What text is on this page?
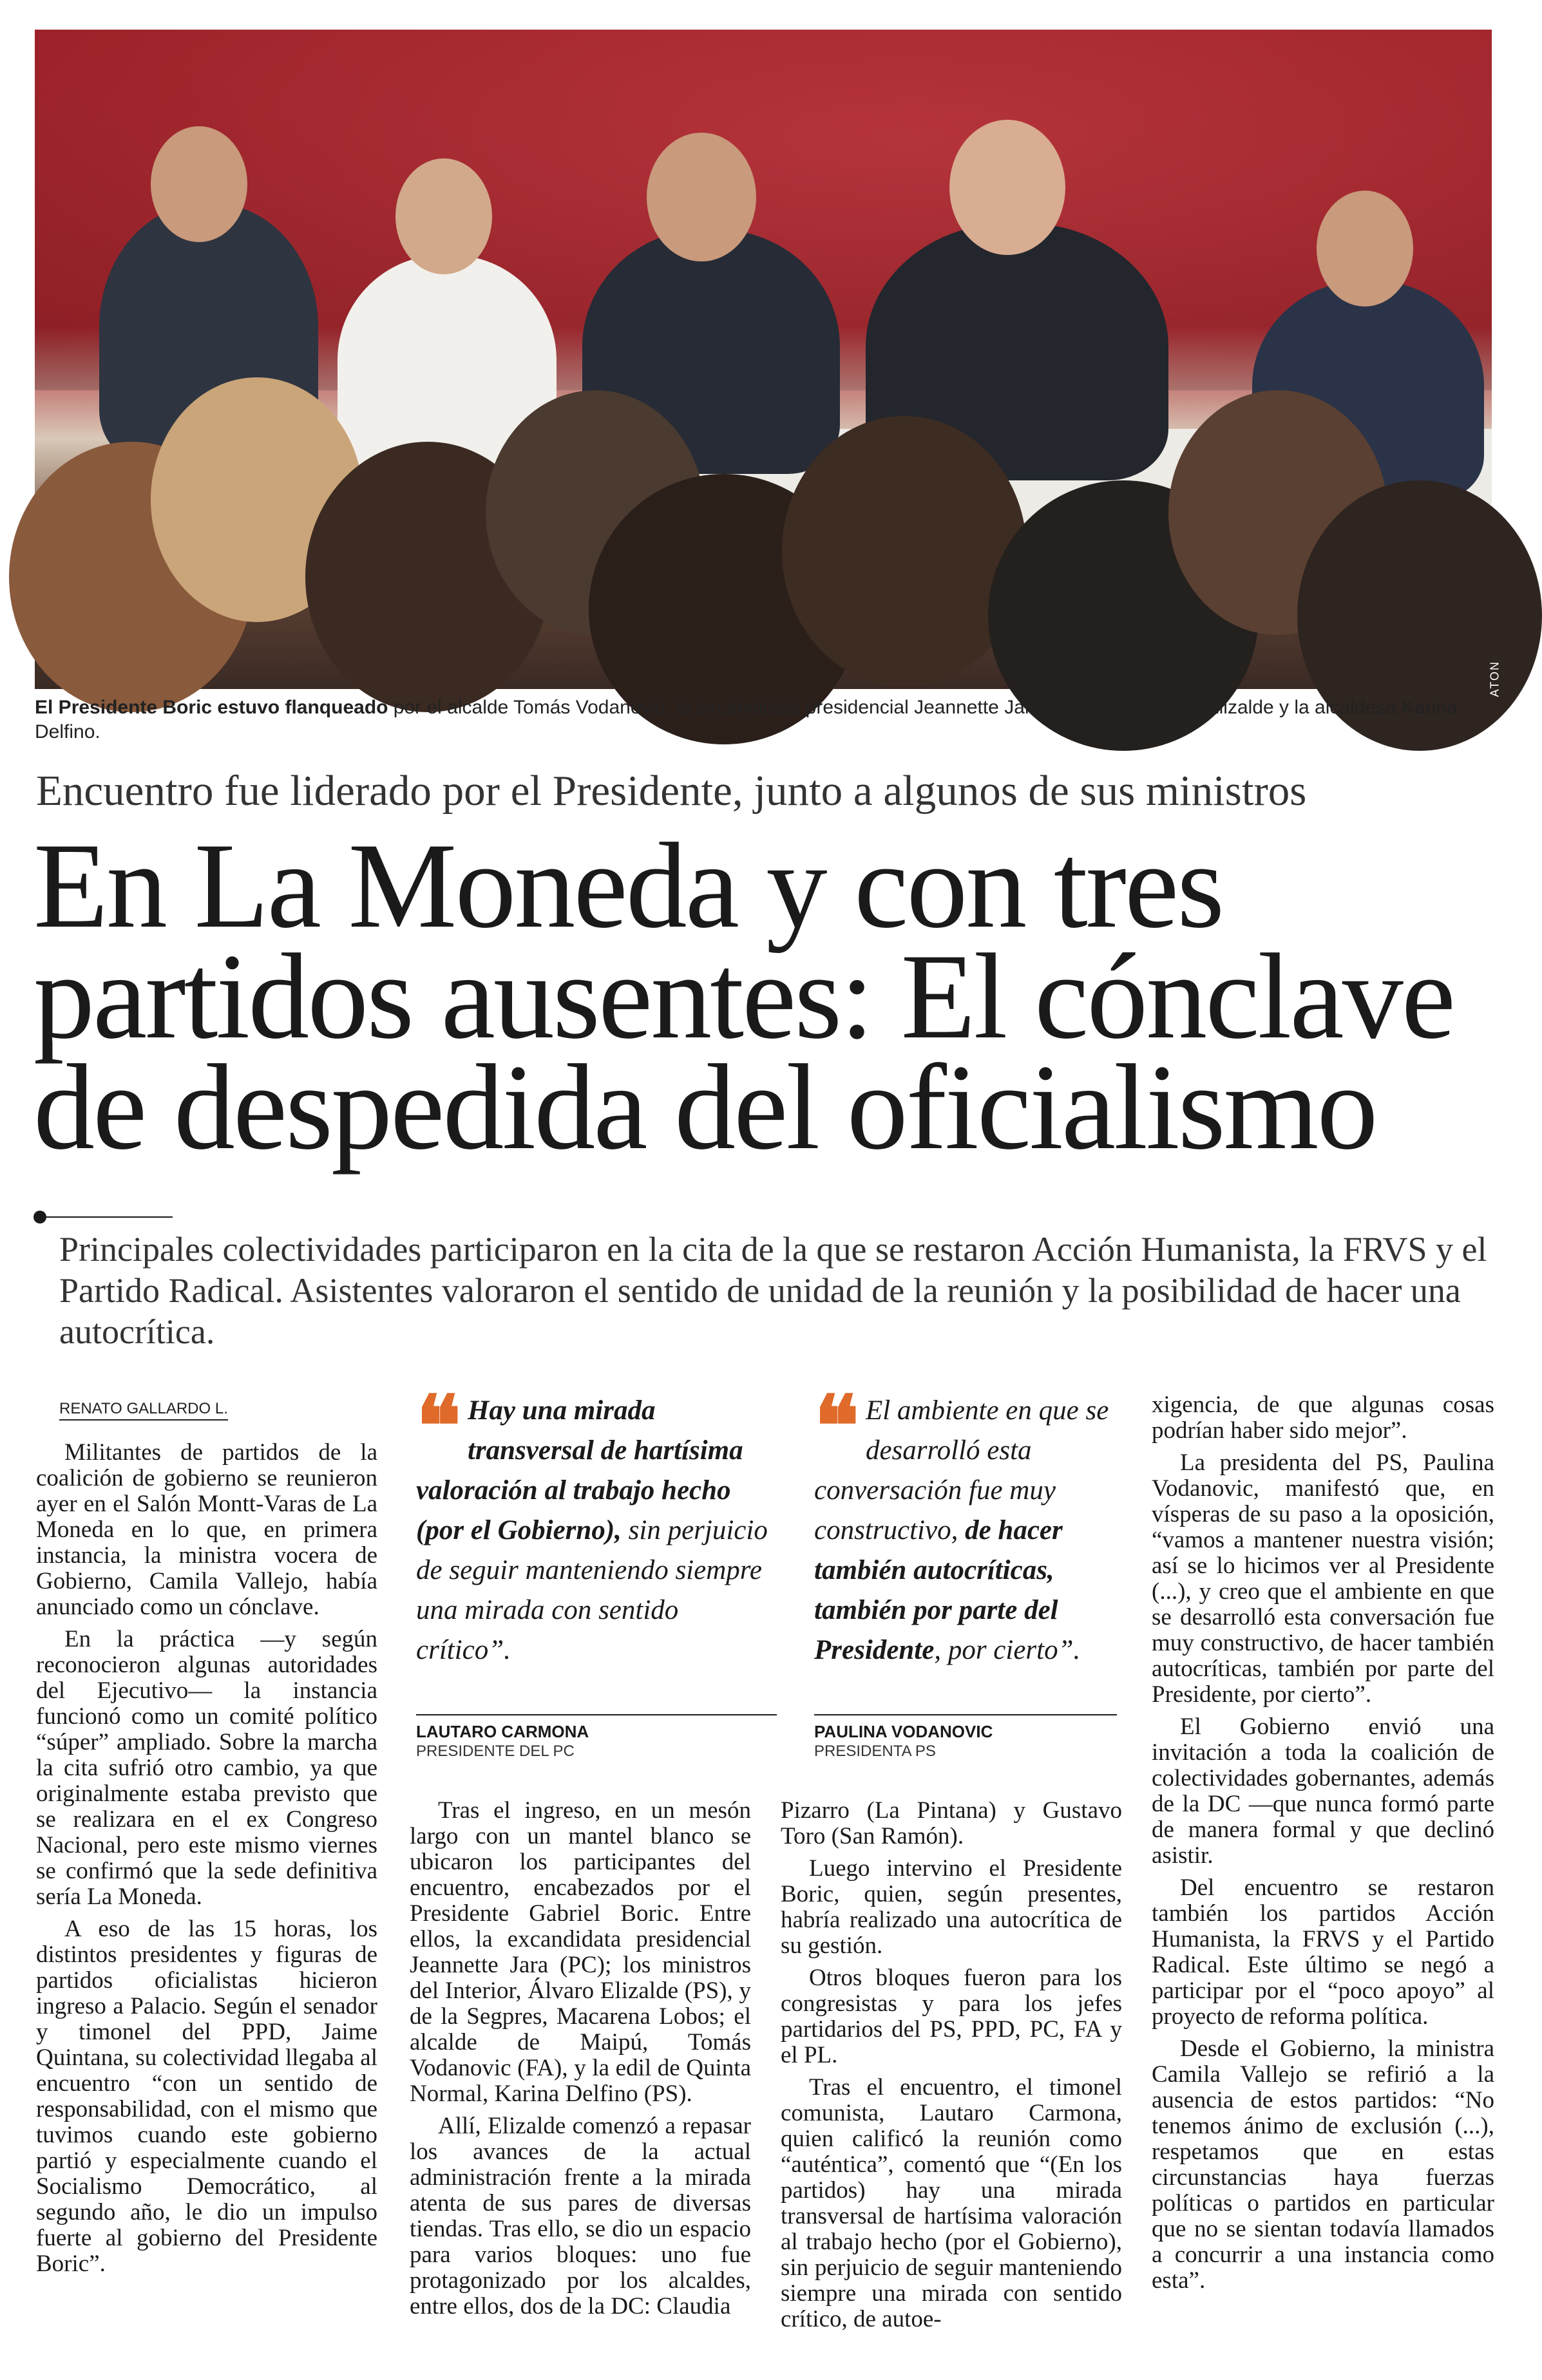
ATON
El Presidente Boric estuvo flanqueado por el alcalde Tomás Vodanovic, la excandidata presidencial Jeannette Jara, el ministro Álvaro Elizalde y la alcaldesa Karina Delfino.
Encuentro fue liderado por el Presidente, junto a algunos de sus ministros
En La Moneda y con tres partidos ausentes: El cónclave de despedida del oficialismo
Principales colectividades participaron en la cita de la que se restaron Acción Humanista, la FRVS y el Partido Radical. Asistentes valoraron el sentido de unidad de la reunión y la posibilidad de hacer una autocrítica.
RENATO GALLARDO L.

Militantes de partidos de la coalición de gobierno se reunieron ayer en el Salón Montt-Varas de La Moneda en lo que, en primera instancia, la ministra vocera de Gobierno, Camila Vallejo, había anunciado como un cónclave.

En la práctica —y según reconocieron algunas autoridades del Ejecutivo— la instancia funcionó como un comité político “súper” ampliado. Sobre la marcha la cita sufrió otro cambio, ya que originalmente estaba previsto que se realizara en el ex Congreso Nacional, pero este mismo viernes se confirmó que la sede definitiva sería La Moneda.

A eso de las 15 horas, los distintos presidentes y figuras de partidos oficialistas hicieron ingreso a Palacio. Según el senador y timonel del PPD, Jaime Quintana, su colectividad llegaba al encuentro “con un sentido de responsabilidad, con el mismo que tuvimos cuando este gobierno partió y especialmente cuando el Socialismo Democrático, al segundo año, le dio un impulso fuerte al gobierno del Presidente Boric”.

❝ Hay una mirada transversal de hartísima valoración al trabajo hecho (por el Gobierno), sin perjuicio de seguir manteniendo siempre una mirada con sentido crítico”.
LAUTARO CARMONA
PRESIDENTE DEL PC

Tras el ingreso, en un mesón largo con un mantel blanco se ubicaron los participantes del encuentro, encabezados por el Presidente Gabriel Boric. Entre ellos, la excandidata presidencial Jeannette Jara (PC); los ministros del Interior, Álvaro Elizalde (PS), y de la Segpres, Macarena Lobos; el alcalde de Maipú, Tomás Vodanovic (FA), y la edil de Quinta Normal, Karina Delfino (PS).

Allí, Elizalde comenzó a repasar los avances de la actual administración frente a la mirada atenta de sus pares de diversas tiendas. Tras ello, se dio un espacio para varios bloques: uno fue protagonizado por los alcaldes, entre ellos, dos de la DC: Claudia

❝ El ambiente en que se desarrolló esta conversación fue muy constructivo, de hacer también autocríticas, también por parte del Presidente, por cierto”.
PAULINA VODANOVIC
PRESIDENTA PS

Pizarro (La Pintana) y Gustavo Toro (San Ramón).

Luego intervino el Presidente Boric, quien, según presentes, habría realizado una autocrítica de su gestión.

Otros bloques fueron para los congresistas y para los jefes partidarios del PS, PPD, PC, FA y el PL.

Tras el encuentro, el timonel comunista, Lautaro Carmona, quien calificó la reunión como “auténtica”, comentó que “(En los partidos) hay una mirada transversal de hartísima valoración al trabajo hecho (por el Gobierno), sin perjuicio de seguir manteniendo siempre una mirada con sentido crítico, de autoe-

xigencia, de que algunas cosas podrían haber sido mejor”.

La presidenta del PS, Paulina Vodanovic, manifestó que, en vísperas de su paso a la oposición, “vamos a mantener nuestra visión; así se lo hicimos ver al Presidente (...), y creo que el ambiente en que se desarrolló esta conversación fue muy constructivo, de hacer también autocríticas, también por parte del Presidente, por cierto”.

El Gobierno envió una invitación a toda la coalición de colectividades gobernantes, además de la DC —que nunca formó parte de manera formal y que declinó asistir.

Del encuentro se restaron también los partidos Acción Humanista, la FRVS y el Partido Radical. Este último se negó a participar por el “poco apoyo” al proyecto de reforma política.

Desde el Gobierno, la ministra Camila Vallejo se refirió a la ausencia de estos partidos: “No tenemos ánimo de exclusión (...), respetamos que en estas circunstancias haya fuerzas políticas o partidos en particular que no se sientan todavía llamados a concurrir a una instancia como esta”.
